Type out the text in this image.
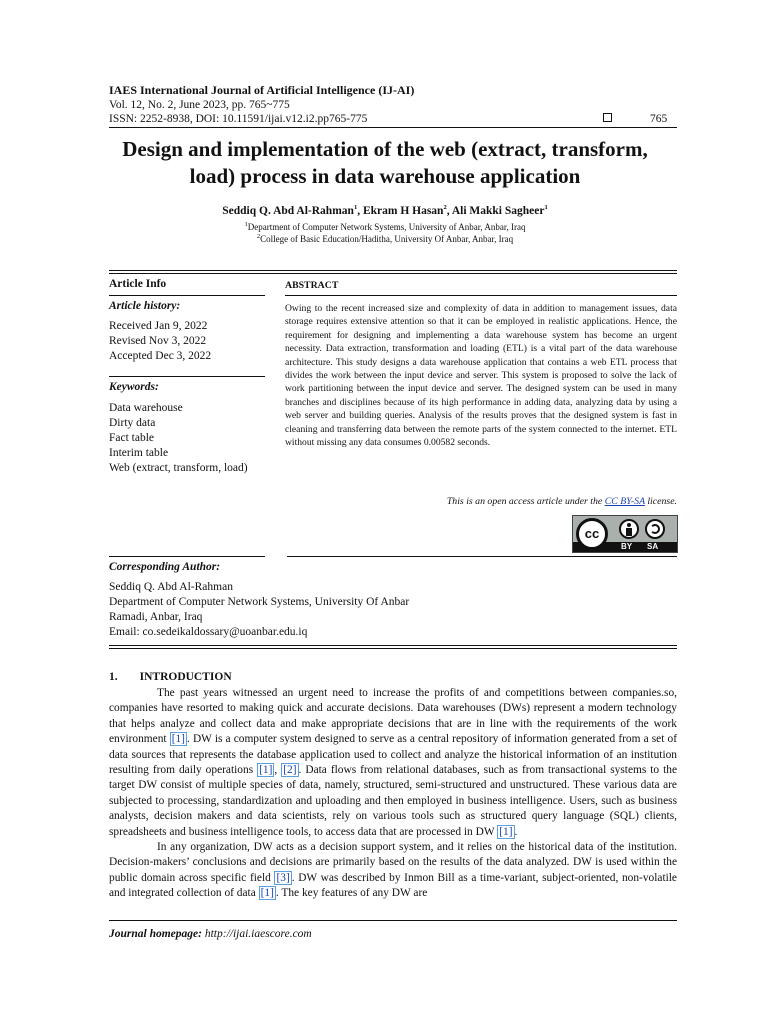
IAES International Journal of Artificial Intelligence (IJ-AI)
Vol. 12, No. 2, June 2023, pp. 765~775
ISSN: 2252-8938, DOI: 10.11591/ijai.v12.i2.pp765-775	765
Design and implementation of the web (extract, transform, load) process in data warehouse application
Seddiq Q. Abd Al-Rahman$^1$, Ekram H Hasan$^2$, Ali Makki Sagheer$^1$
$^1$Department of Computer Network Systems, University of Anbar, Anbar, Iraq
$^2$College of Basic Education/Haditha, University Of Anbar, Anbar, Iraq
Article Info
Article history:
Received Jan 9, 2022
Revised Nov 3, 2022
Accepted Dec 3, 2022
Keywords:
Data warehouse
Dirty data
Fact table
Interim table
Web (extract, transform, load)
ABSTRACT
Owing to the recent increased size and complexity of data in addition to management issues, data storage requires extensive attention so that it can be employed in realistic applications. Hence, the requirement for designing and implementing a data warehouse system has become an urgent necessity. Data extraction, transformation and loading (ETL) is a vital part of the data warehouse architecture. This study designs a data warehouse application that contains a web ETL process that divides the work between the input device and server. This system is proposed to solve the lack of work partitioning between the input device and server. The designed system can be used in many branches and disciplines because of its high performance in adding data, analyzing data by using a web server and building queries. Analysis of the results proves that the designed system is fast in cleaning and transferring data between the remote parts of the system connected to the internet. ETL without missing any data consumes 0.00582 seconds.
This is an open access article under the CC BY-SA license.
cc
BY SA
Corresponding Author:
Seddiq Q. Abd Al-Rahman
Department of Computer Network Systems, University Of Anbar
Ramadi, Anbar, Iraq
Email: co.sedeikaldossary@uoanbar.edu.iq
1. INTRODUCTION

The past years witnessed an urgent need to increase the profits of and competitions between companies.so, companies have resorted to making quick and accurate decisions. Data warehouses (DWs) represent a modern technology that helps analyze and collect data and make appropriate decisions that are in line with the requirements of the work environment [1] . DW is a computer system designed to serve as a central repository of information generated from a set of data sources that represents the database application used to collect and analyze the historical information of an institution resulting from daily operations [1] , [2] . Data flows from relational databases, such as from transactional systems to the target DW consist of multiple species of data, namely, structured, semi-structured and unstructured. These various data are subjected to processing, standardization and uploading and then employed in business intelligence. Users, such as business analysts, decision makers and data scientists, rely on various tools such as structured query language (SQL) clients, spreadsheets and business intelligence tools, to access data that are processed in DW [1] .

In any organization, DW acts as a decision support system, and it relies on the historical data of the institution. Decision-makers’ conclusions and decisions are primarily based on the results of the data analyzed. DW is used within the public domain across specific field [3] . DW was described by Inmon Bill as a time-variant, subject-oriented, non-volatile and integrated collection of data [1] . The key features of any DW are

Journal homepage: http://ijai.iaescore.com
